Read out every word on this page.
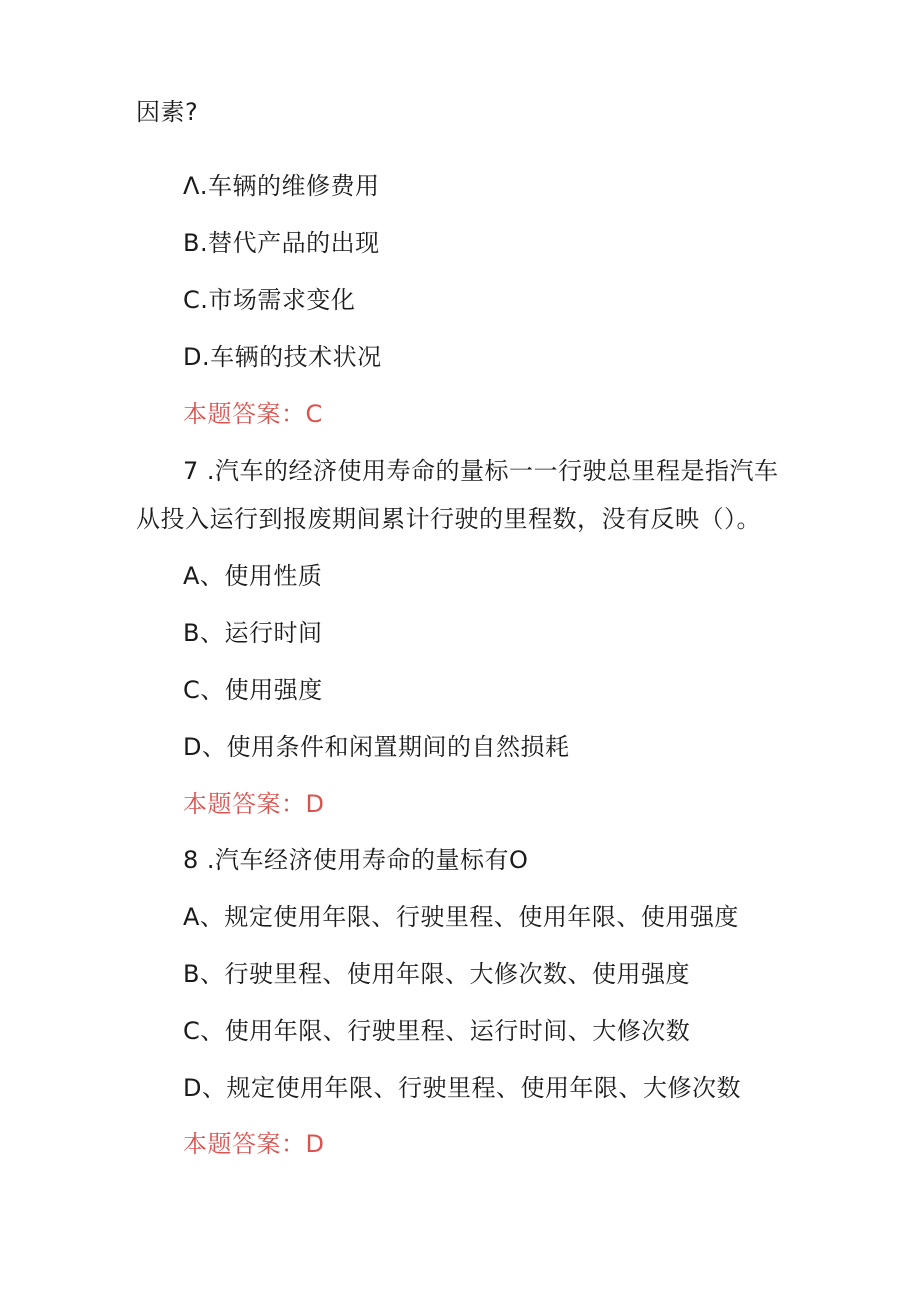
因素?
Λ.车辆的维修费用
B.替代产品的出现
C.市场需求变化
D.车辆的技术状况
本题答案：C
7 .汽车的经济使用寿命的量标一一行驶总里程是指汽车
从投入运行到报废期间累计行驶的里程数，没有反映（）。
A、使用性质
B、运行时间
C、使用强度
D、使用条件和闲置期间的自然损耗
本题答案：D
8 .汽车经济使用寿命的量标有O
A、规定使用年限、行驶里程、使用年限、使用强度
B、行驶里程、使用年限、大修次数、使用强度
C、使用年限、行驶里程、运行时间、大修次数
D、规定使用年限、行驶里程、使用年限、大修次数
本题答案：D
